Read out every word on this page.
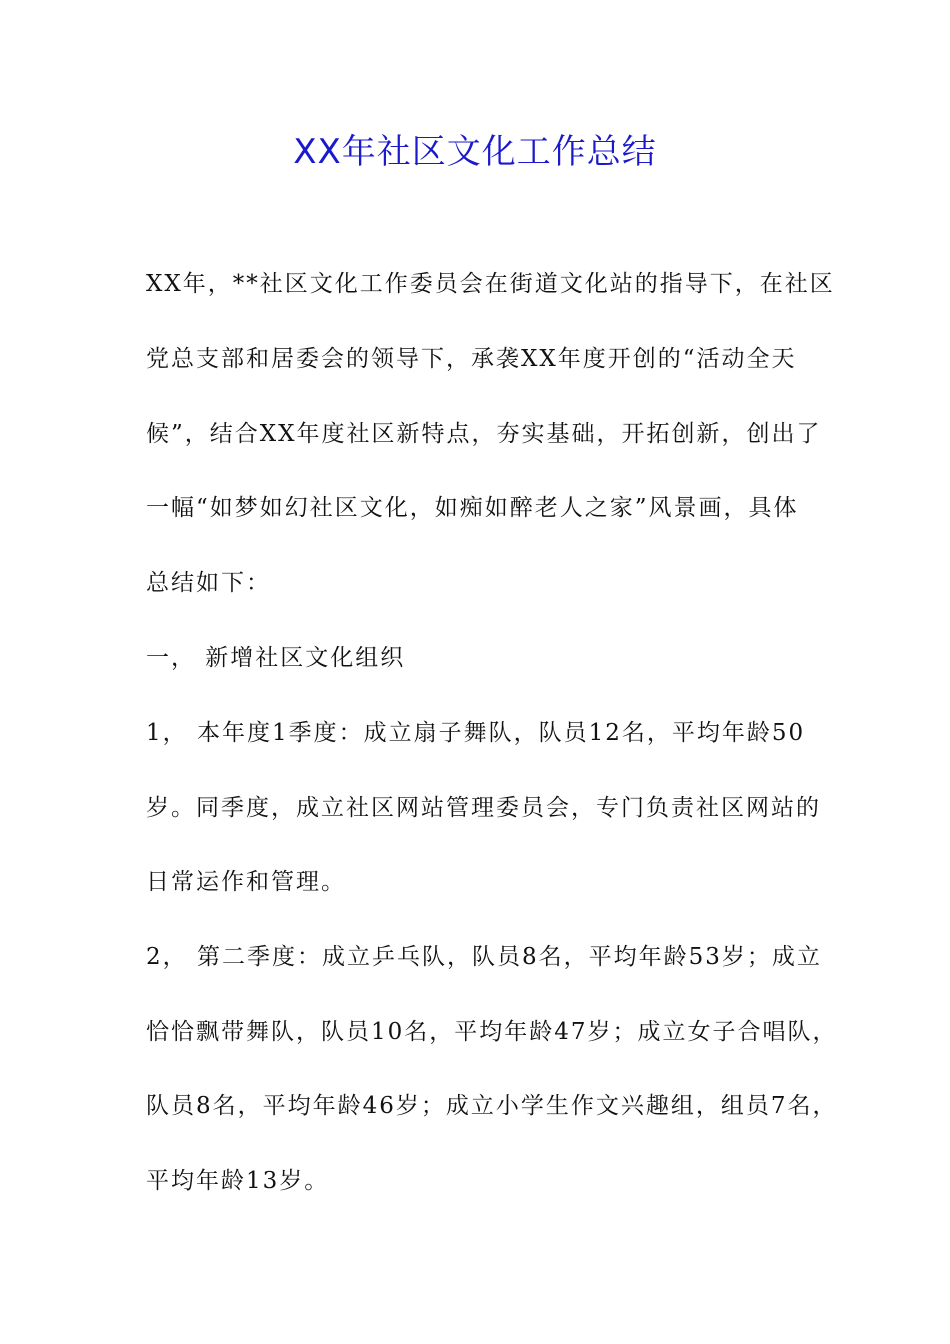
XX年社区文化工作总结
XX年，**社区文化工作委员会在街道文化站的指导下，在社区
党总支部和居委会的领导下，承袭XX年度开创的“活动全天
候”，结合XX年度社区新特点，夯实基础，开拓创新，创出了
一幅“如梦如幻社区文化，如痴如醉老人之家”风景画，具体
总结如下：
一， 新增社区文化组织
1， 本年度1季度：成立扇子舞队，队员12名，平均年龄50
岁。同季度，成立社区网站管理委员会，专门负责社区网站的
日常运作和管理。
2， 第二季度：成立乒乓队，队员8名，平均年龄53岁；成立
恰恰飘带舞队，队员10名，平均年龄47岁；成立女子合唱队，
队员8名，平均年龄46岁；成立小学生作文兴趣组，组员7名，
平均年龄13岁。
